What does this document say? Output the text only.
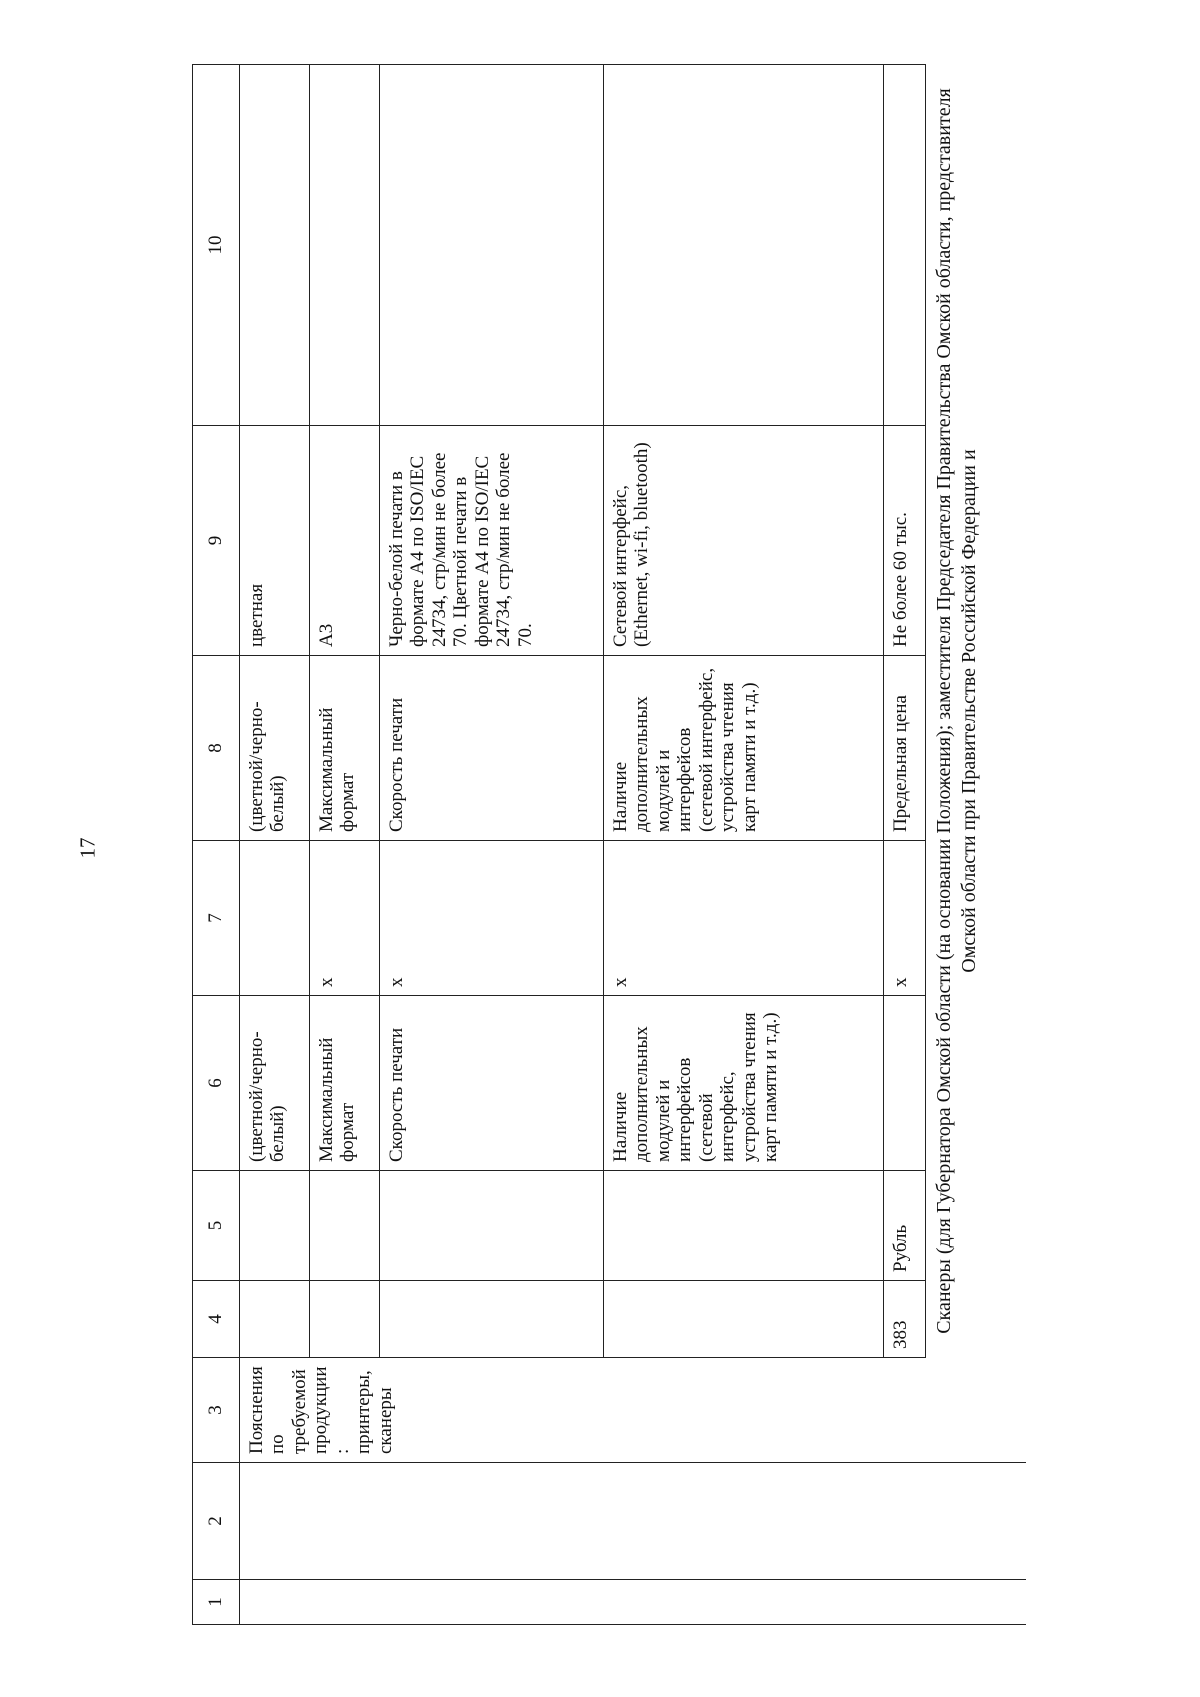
17
1	2	3	4	5	6	7	8	9	10
		Пояснения по требуемой продукции: принтеры, сканеры			(цветной/черно-белый)		(цветной/черно-белый)	цветная	
					Максимальный формат	x	Максимальный формат	A3	
					Скорость печати	x	Скорость печати	Черно-белой печати в формате A4 по ISO/IEC 24734, стр/мин не более 70. Цветной печати в формате A4 по ISO/IEC 24734, стр/мин не более 70.	
					Наличие дополнительных модулей и интерфейсов (сетевой интерфейс, устройства чтения карт памяти и т.д.)	x	Наличие дополнительных модулей и интерфейсов (сетевой интерфейс, устройства чтения карт памяти и т.д.)	Сетевой интерфейс, (Ethernet, wi-fi, bluetooth)	
			383	Рубль		x	Предельная цена	Не более 60 тыс.	
			Сканеры (для Губернатора Омской области (на основании Положения); заместителя Председателя Правительства Омской области, представителя Омской области при Правительстве Российской Федерации и						
